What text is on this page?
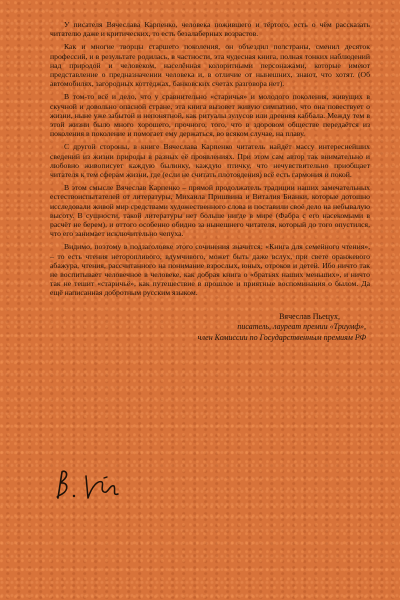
У писателя Вячеслава Карпенко, человека пожившего и тёртого, есть о чём рассказать читателю даже и критических, то есть безалаберных возрастов.

Как и многие творцы старшего поколения, он объездил полстраны, сменил десяток профессий, и в результате родилась, в частности, эта чудесная книга, полная тонких наблюдений над природой и человеком, населённая колоритными персонажами, которые имеют представление о предназначении человека и, в отличие от нынешних, знают, что хотят. (Об автомобилях, загородных коттеджах, банковских счетах разговора нет).

В том-то всё и дело, что у сравнительно «старичья» и молодого поколения, живущих в скучной и довольно опасной стране, эта книга вызовет живую симпатию, что она повествует о жизни, ныне уже забытой и непонятной, как ритуалы зулусов или древняя каббала. Между тем в этой жизни было много хорошего, прочного, того, что в здоровом обществе передаётся из поколения в поколение и помогает ему держаться, во всяком случае, на плаву.

С другой стороны, в книге Вячеслава Карпенко читатель найдёт массу интереснейших сведений из жизни природы в разных её проявлениях. При этом сам автор так внимательно и любовно живописует каждую былинку, каждую птичку, что нечувствительно приобщает читателя к тем сферам жизни, где (если не считать плотоядения) всё есть гармония и покой.

В этом смысле Вячеслав Карпенко – прямой продолжатель традиции наших замечательных естествоиспытателей от литературы, Михаила Пришвина и Виталия Бианки, которые дотошно исследовали живой мир средствами художественного слова и поставили своё дело на небывалую высоту. В сущности, такой литературы нет больше нигде в мире (Фабра с его насекомыми в расчёт не берем), и оттого особенно обидно за нынешнего читателя, который до того опустился, что его занимает исключительно чепуха.

Видимо, поэтому в подзаголовке этого сочинения значится: «Книга для семейного чтения», – то есть чтения неторопливого, вдумчивого, может быть даже вслух, при свете оранжевого абажура, чтения, рассчитанного на понимание взрослых, юных, отроков и детей. Ибо ничто так не воспитывает человечное в человеке, как добрая книга о «братьях наших меньших», и ничто так не тешит «старичьё», как путешествие в прошлое и приятные воспоминания о былом. Да ещё написанная добротным русским языком.

Вячеслав Пьецух,
писатель, лауреат премии «Триумф»,
член Комиссии по Государственным премиям РФ
